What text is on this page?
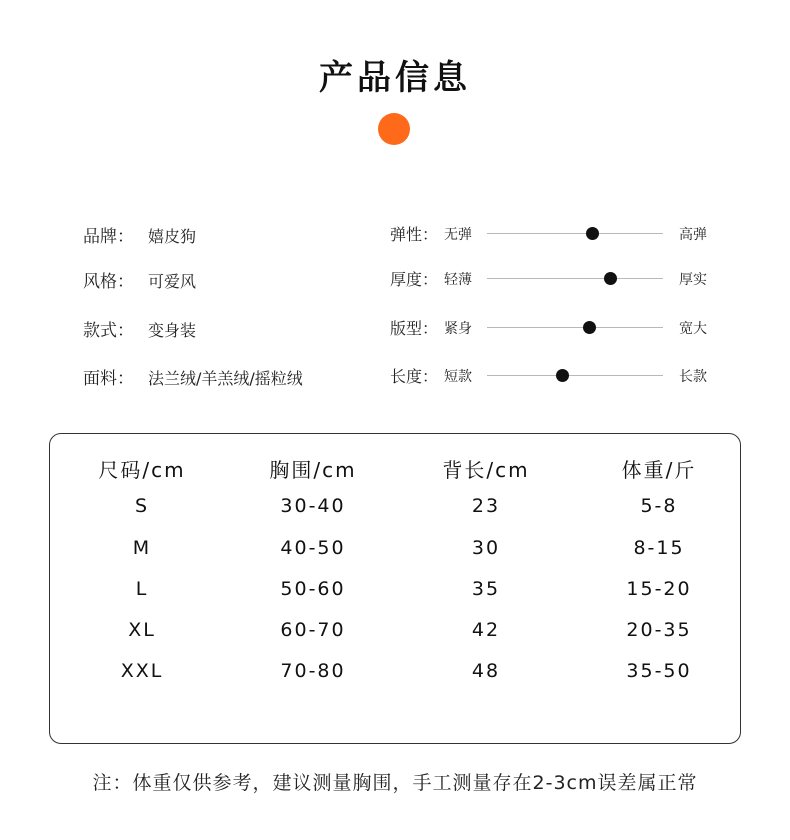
产品信息
品牌： 嬉皮狗	弹性： 无弹	高弹
风格： 可爱风	厚度： 轻薄	厚实
款式： 变身装	版型： 紧身	宽大
面料： 法兰绒/羊羔绒/摇粒绒	长度： 短款	长款
尺码/cm	胸围/cm	背长/cm	体重/斤
S	30-40	23	5-8
M	40-50	30	8-15
L	50-60	35	15-20
XL	60-70	42	20-35
XXL	70-80	48	35-50
注：体重仅供参考，建议测量胸围，手工测量存在2-3cm误差属正常
